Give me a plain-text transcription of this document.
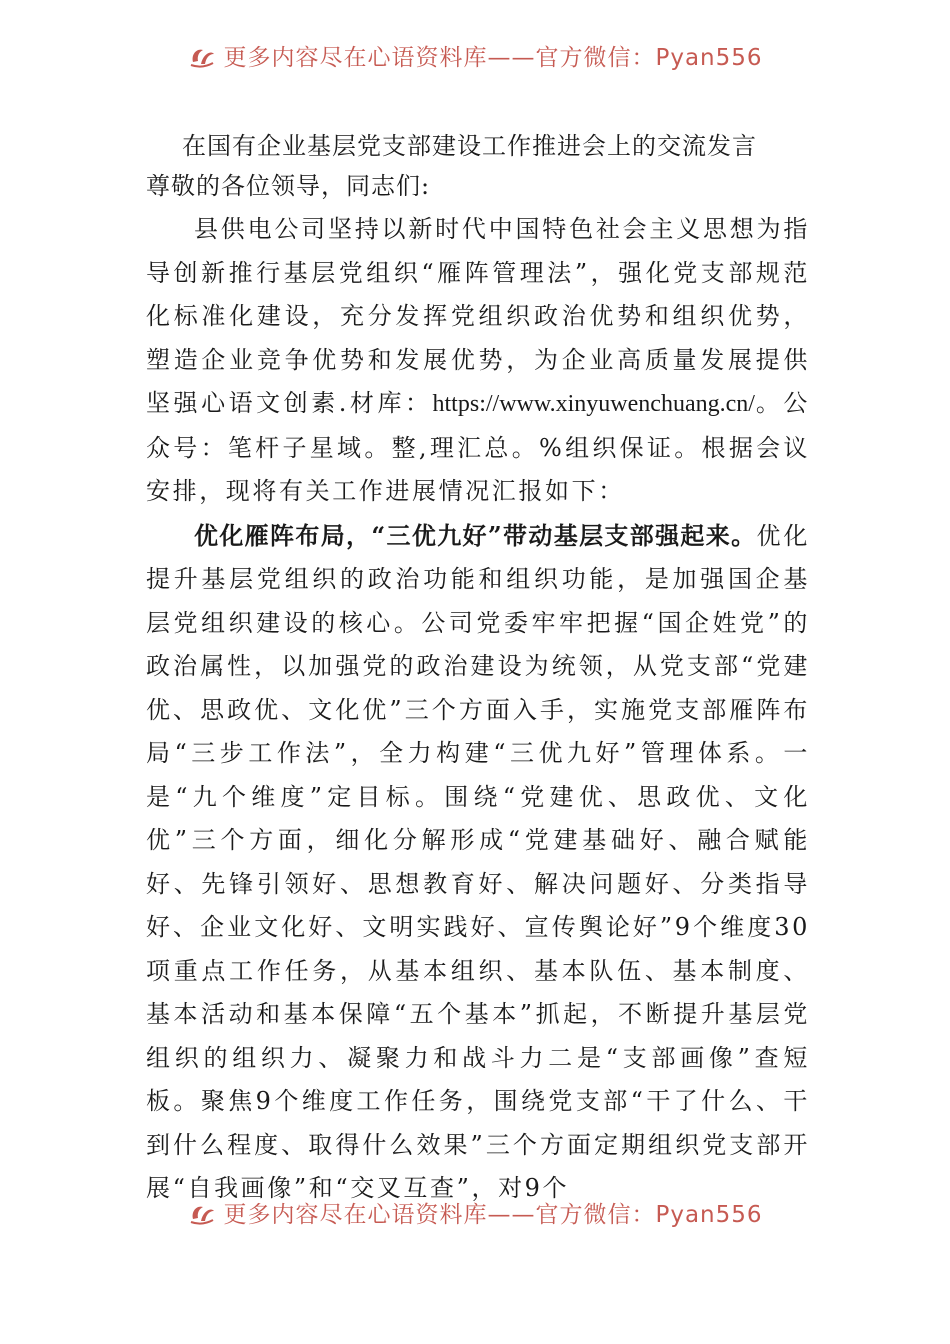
更多内容尽在心语资料库——官方微信：Pyan556
在国有企业基层党支部建设工作推进会上的交流发言
尊敬的各位领导，同志们:

县供电公司坚持以新时代中国特色社会主义思想为指导创新推行基层党组织“雁阵管理法”，强化党支部规范化标准化建设，充分发挥党组织政治优势和组织优势，塑造企业竞争优势和发展优势，为企业高质量发展提供坚强心语文创素.材库：https://www.xinyuwenchuang.cn/。公众号：笔杆子星域。整,理汇总。%组织保证。根据会议安排，现将有关工作进展情况汇报如下：

优化雁阵布局，“三优九好”带动基层支部强起来。优化提升基层党组织的政治功能和组织功能，是加强国企基层党组织建设的核心。公司党委牢牢把握“国企姓党”的政治属性，以加强党的政治建设为统领，从党支部“党建优、思政优、文化优”三个方面入手，实施党支部雁阵布局“三步工作法”，全力构建“三优九好”管理体系。一是“九个维度”定目标。围绕“党建优、思政优、文化优”三个方面，细化分解形成“党建基础好、融合赋能好、先锋引领好、思想教育好、解决问题好、分类指导好、企业文化好、文明实践好、宣传舆论好”9个维度30项重点工作任务，从基本组织、基本队伍、基本制度、基本活动和基本保障“五个基本”抓起，不断提升基层党组织的组织力、凝聚力和战斗力二是“支部画像”查短板。聚焦9个维度工作任务，围绕党支部“干了什么、干到什么程度、取得什么效果”三个方面定期组织党支部开展“自我画像”和“交叉互查”，对9个

更多内容尽在心语资料库——官方微信：Pyan556
